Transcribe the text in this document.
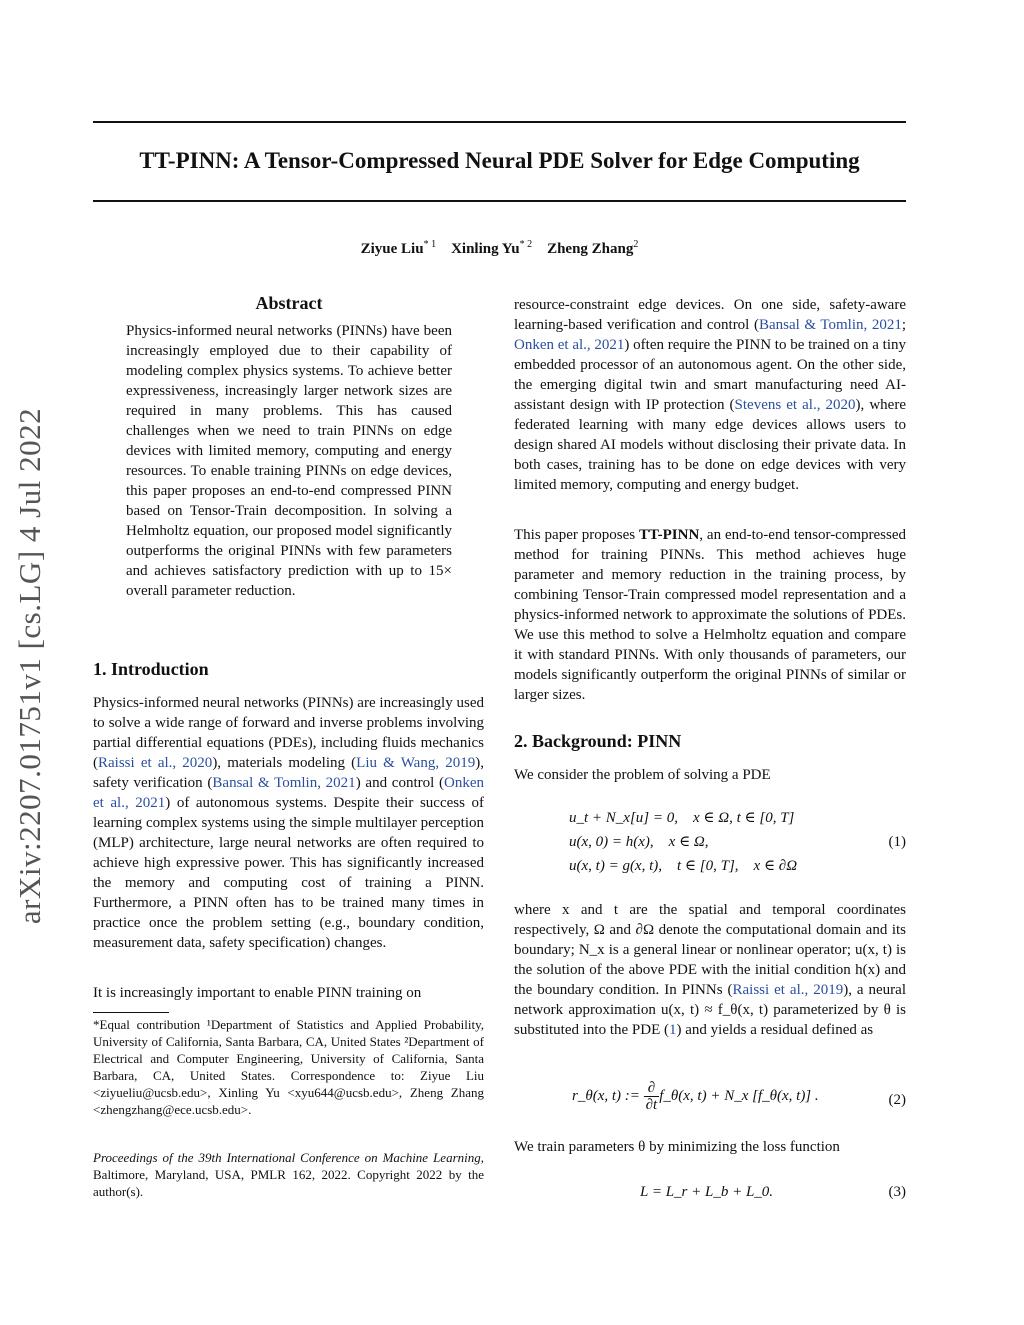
arXiv:2207.01751v1 [cs.LG] 4 Jul 2022
TT-PINN: A Tensor-Compressed Neural PDE Solver for Edge Computing
Ziyue Liu$^{* 1}$ Xinling Yu$^{* 2}$ Zheng Zhang$^2$
Abstract

Physics-informed neural networks (PINNs) have been increasingly employed due to their capability of modeling complex physics systems. To achieve better expressiveness, increasingly larger network sizes are required in many problems. This has caused challenges when we need to train PINNs on edge devices with limited memory, computing and energy resources. To enable training PINNs on edge devices, this paper proposes an end-to-end compressed PINN based on Tensor-Train decomposition. In solving a Helmholtz equation, our proposed model significantly outperforms the original PINNs with few parameters and achieves satisfactory prediction with up to 15× overall parameter reduction.

1. Introduction

Physics-informed neural networks (PINNs) are increasingly used to solve a wide range of forward and inverse problems involving partial differential equations (PDEs), including fluids mechanics (Raissi et al., 2020), materials modeling (Liu & Wang, 2019), safety verification (Bansal & Tomlin, 2021) and control (Onken et al., 2021) of autonomous systems. Despite their success of learning complex systems using the simple multilayer perception (MLP) architecture, large neural networks are often required to achieve high expressive power. This has significantly increased the memory and computing cost of training a PINN. Furthermore, a PINN often has to be trained many times in practice once the problem setting (e.g., boundary condition, measurement data, safety specification) changes.

It is increasingly important to enable PINN training on

*Equal contribution ¹Department of Statistics and Applied Probability, University of California, Santa Barbara, CA, United States ²Department of Electrical and Computer Engineering, University of California, Santa Barbara, CA, United States. Correspondence to: Ziyue Liu <ziyueliu@ucsb.edu>, Xinling Yu <xyu644@ucsb.edu>, Zheng Zhang <zhengzhang@ece.ucsb.edu>.

Proceedings of the 39th International Conference on Machine Learning, Baltimore, Maryland, USA, PMLR 162, 2022. Copyright 2022 by the author(s).

resource-constraint edge devices. On one side, safety-aware learning-based verification and control (Bansal & Tomlin, 2021; Onken et al., 2021) often require the PINN to be trained on a tiny embedded processor of an autonomous agent. On the other side, the emerging digital twin and smart manufacturing need AI-assistant design with IP protection (Stevens et al., 2020), where federated learning with many edge devices allows users to design shared AI models without disclosing their private data. In both cases, training has to be done on edge devices with very limited memory, computing and energy budget.

This paper proposes TT-PINN, an end-to-end tensor-compressed method for training PINNs. This method achieves huge parameter and memory reduction in the training process, by combining Tensor-Train compressed model representation and a physics-informed network to approximate the solutions of PDEs. We use this method to solve a Helmholtz equation and compare it with standard PINNs. With only thousands of parameters, our models significantly outperform the original PINNs of similar or larger sizes.

2. Background: PINN

We consider the problem of solving a PDE

u_t + N_x[u] = 0,    x ∈ Ω, t ∈ [0, T]
u(x, 0) = h(x),    x ∈ Ω,
u(x, t) = g(x, t),    t ∈ [0, T],    x ∈ ∂Ω
(1)

where x and t are the spatial and temporal coordinates respectively, Ω and ∂Ω denote the computational domain and its boundary; N_x is a general linear or nonlinear operator; u(x, t) is the solution of the above PDE with the initial condition h(x) and the boundary condition. In PINNs (Raissi et al., 2019), a neural network approximation u(x, t) ≈ f_θ(x, t) parameterized by θ is substituted into the PDE (1) and yields a residual defined as

r_θ(x, t) := $\frac{\partial}{\partial t}$ f_θ(x, t) + N_x [f_θ(x, t)] .	(2)

We train parameters θ by minimizing the loss function

L = L_r + L_b + L_0.	(3)
